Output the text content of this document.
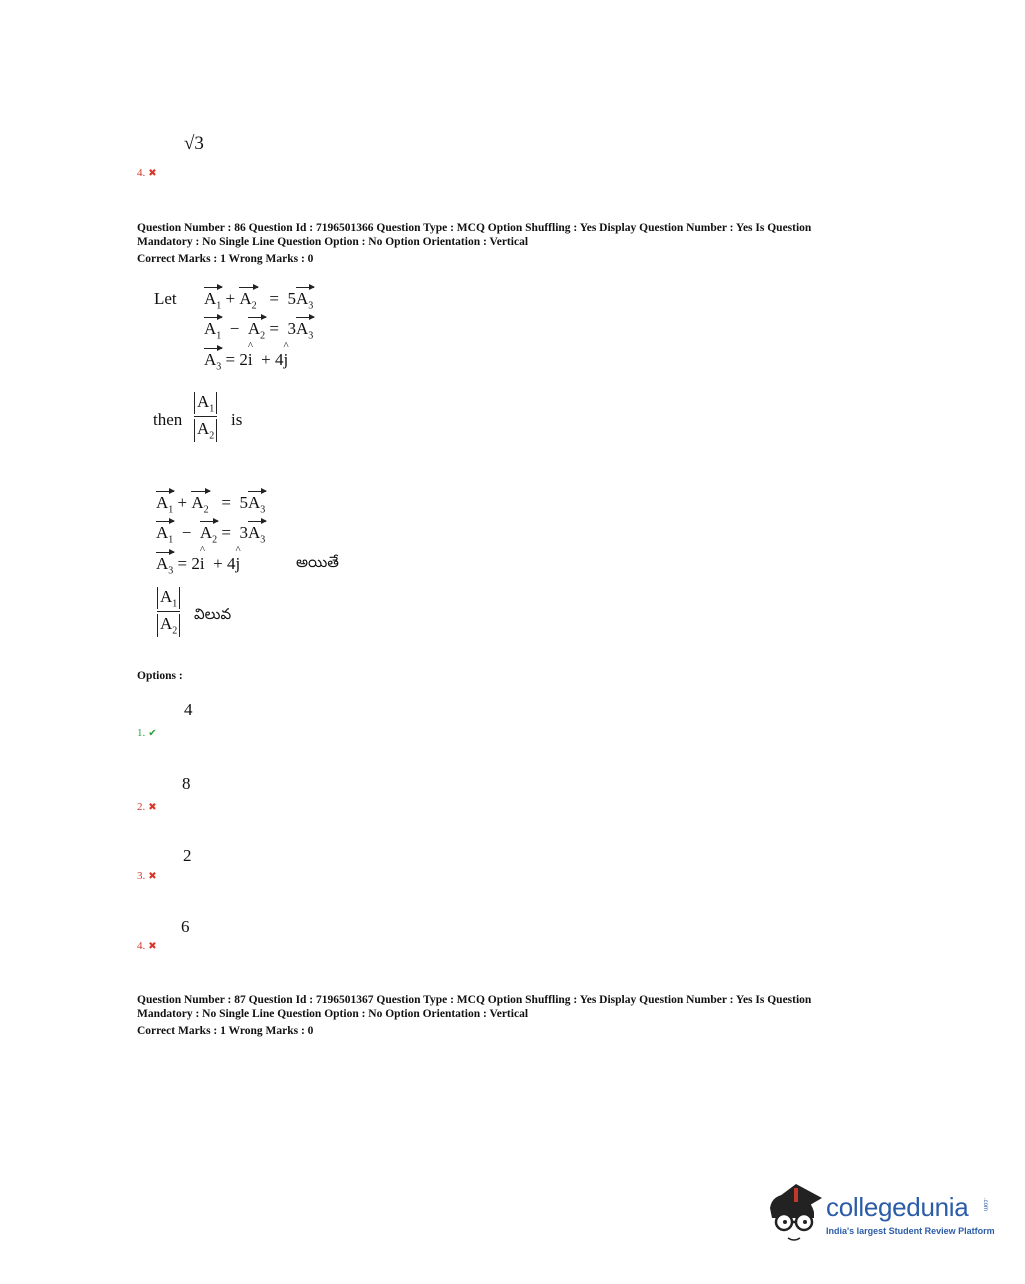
√3
4. ✖
Question Number : 86 Question Id : 7196501366 Question Type : MCQ Option Shuffling : Yes Display Question Number : Yes Is Question
Mandatory : No Single Line Question Option : No Option Orientation : Vertical
Correct Marks : 1 Wrong Marks : 0
Let $A_1 + A_2 = 5A_3$
$A_1 - A_2 = 3A_3$
$A_3$ = 2^ i  + 4^ j
then $\frac{A_1}{A_2}$ is
$A_1 + A_2 = 5A_3$
$A_1 - A_2 = 3A_3$
$A_3$ = 2^ i  + 4^ j	అయితే
$\frac{A_1}{A_2}$ విలువ
Options :
4
1. ✔
8
2. ✖
2
3. ✖
6
4. ✖
Question Number : 87 Question Id : 7196501367 Question Type : MCQ Option Shuffling : Yes Display Question Number : Yes Is Question
Mandatory : No Single Line Question Option : No Option Orientation : Vertical
Correct Marks : 1 Wrong Marks : 0
collegedunia .com
India's largest Student Review Platform
